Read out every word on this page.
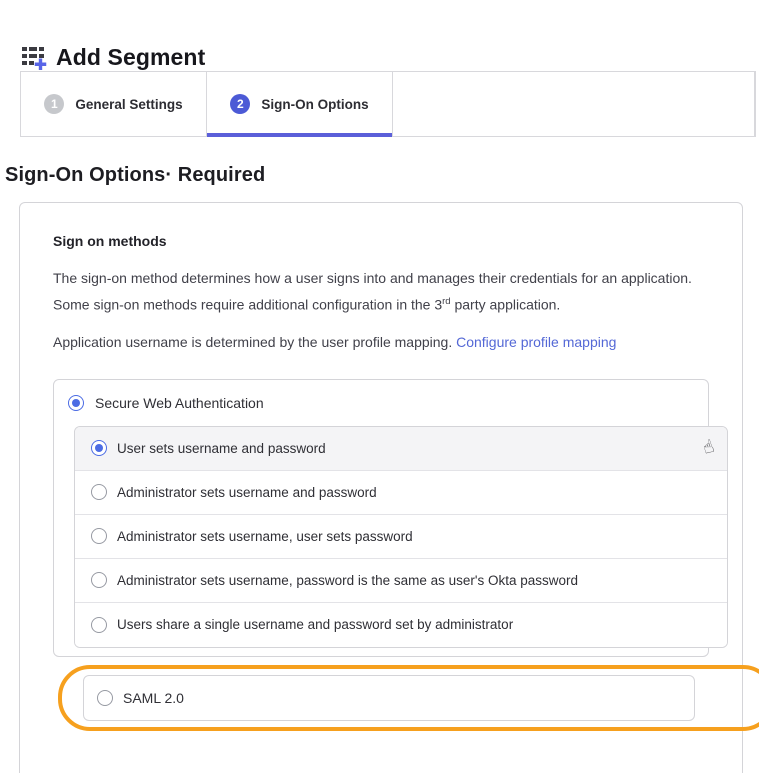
Add Segment
1	General Settings	2	Sign-On Options
Sign-On Options· Required
Sign on methods

The sign-on method determines how a user signs into and manages their credentials for an application. Some sign-on methods require additional configuration in the 3rd party application.

Application username is determined by the user profile mapping. Configure profile mapping

Secure Web Authentication
User sets username and password	☝
Administrator sets username and password
Administrator sets username, user sets password
Administrator sets username, password is the same as user's Okta password
Users share a single username and password set by administrator
SAML 2.0
